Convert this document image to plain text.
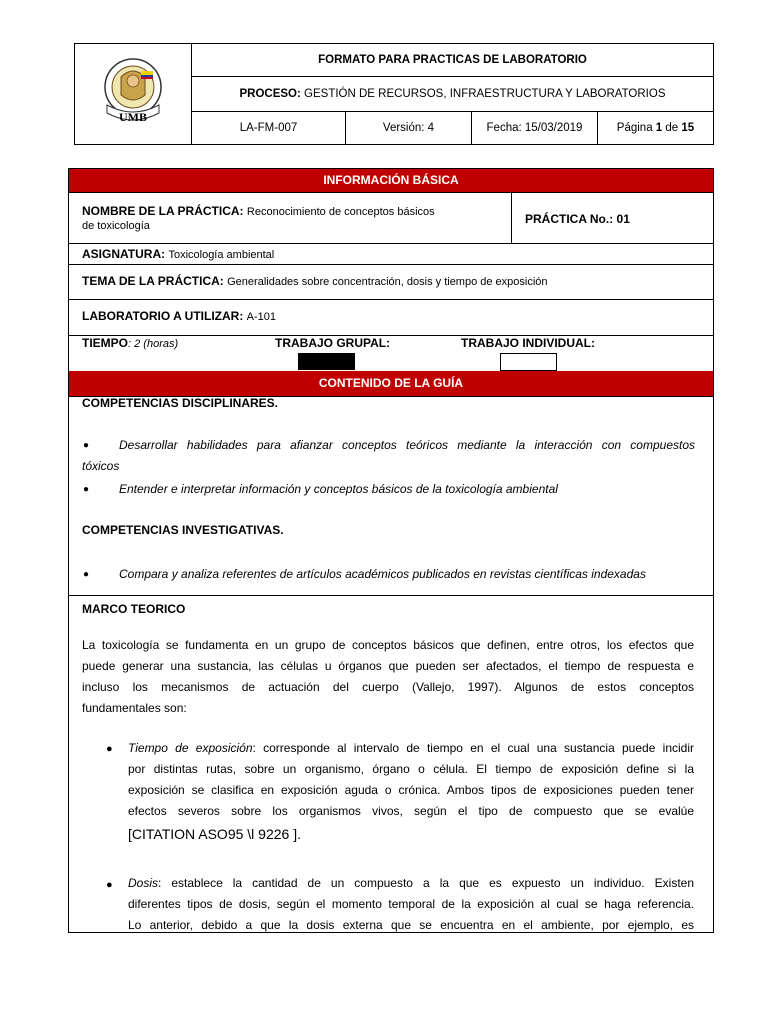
UMB	FORMATO PARA PRACTICAS DE LABORATORIO			
	PROCESO: GESTIÓN DE RECURSOS, INFRAESTRUCTURA Y LABORATORIOS			
	LA-FM-007	Versión: 4	Fecha: 15/03/2019	Página 1 de 15
INFORMACIÓN BÁSICA
NOMBRE DE LA PRÁCTICA: Reconocimiento de conceptos básicos
de toxicología	PRÁCTICA No.: 01
ASIGNATURA: Toxicología ambiental
TEMA DE LA PRÁCTICA: Generalidades sobre concentración, dosis y tiempo de exposición
LABORATORIO A UTILIZAR: A-101
TIEMPO: 2 (horas)	TRABAJO GRUPAL:	TRABAJO INDIVIDUAL:
CONTENIDO DE LA GUÍA
COMPETENCIAS DISCIPLINARES.
● Desarrollar habilidades para afianzar conceptos teóricos mediante la interacción con compuestos
tóxicos
● Entender e interpretar información y conceptos básicos de la toxicología ambiental
COMPETENCIAS INVESTIGATIVAS.
● Compara y analiza referentes de artículos académicos publicados en revistas científicas indexadas
MARCO TEORICO
La toxicología se fundamenta en un grupo de conceptos básicos que definen, entre otros, los efectos que
puede generar una sustancia, las células u órganos que pueden ser afectados, el tiempo de respuesta e
incluso los mecanismos de actuación del cuerpo (Vallejo, 1997). Algunos de estos conceptos
fundamentales son:
● Tiempo de exposición: corresponde al intervalo de tiempo en el cual una sustancia puede incidir
por distintas rutas, sobre un organismo, órgano o célula. El tiempo de exposición define si la
exposición se clasifica en exposición aguda o crónica. Ambos tipos de exposiciones pueden tener
efectos severos sobre los organismos vivos, según el tipo de compuesto que se evalúe
[CITATION ASO95 \l 9226 ].
● Dosis: establece la cantidad de un compuesto a la que es expuesto un individuo. Existen
diferentes tipos de dosis, según el momento temporal de la exposición al cual se haga referencia.
Lo anterior, debido a que la dosis externa que se encuentra en el ambiente, por ejemplo, es
